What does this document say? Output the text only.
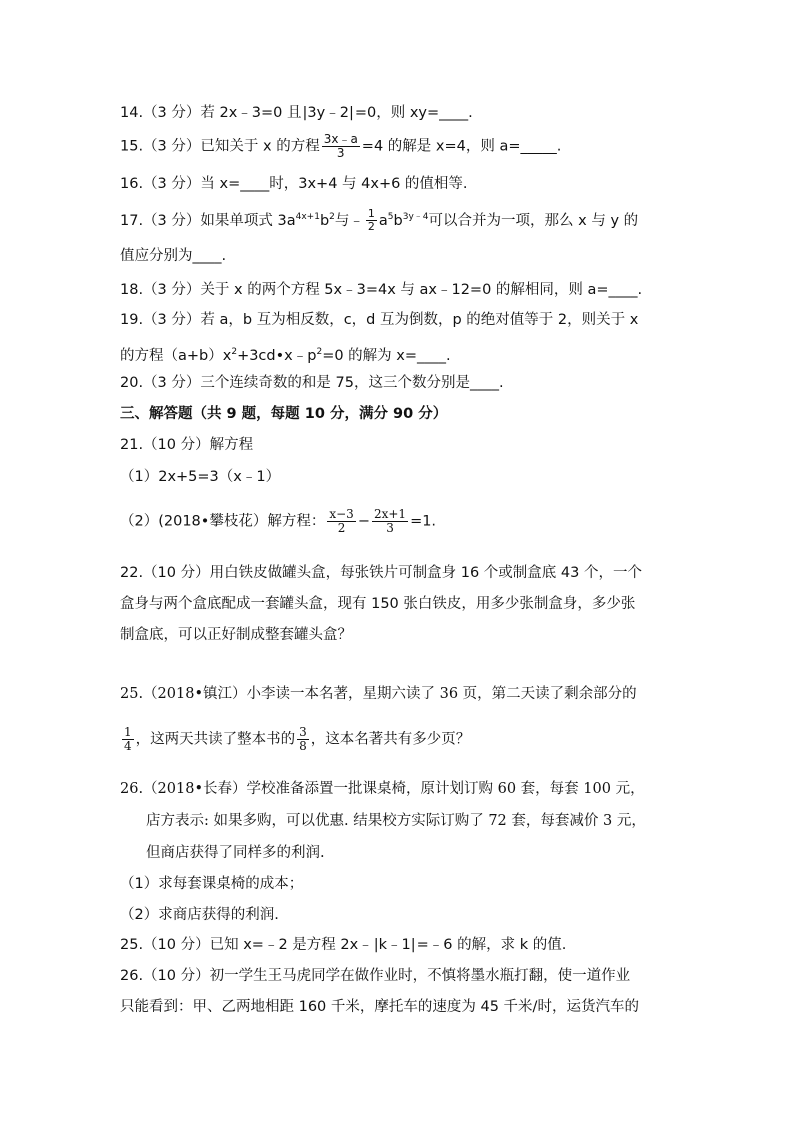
14.（3 分）若 2x﹣3=0 且|3y﹣2|=0，则 xy=____.
15.（3 分）已知关于 x 的方程 $\frac{3x﹣a}{3} =4$ 的解是 x=4，则 a=_____.
16.（3 分）当 x=____时，3x+4 与 4x+6 的值相等.
17.（3 分）如果单项式 $3a^{4x+1}b^2$与﹣ $\frac{1}{2} a^5b^{3y﹣4}$可以合并为一项，那么 x 与 y 的
值应分别为____.
18.（3 分）关于 x 的两个方程 5x﹣3=4x 与 ax﹣12=0 的解相同，则 a=____.
19.（3 分）若 a，b 互为相反数，c，d 互为倒数，p 的绝对值等于 2，则关于 x
的方程$(a+b)x^2+3cd•x﹣p^2=0$ 的解为 x=____.
20.（3 分）三个连续奇数的和是 75，这三个数分别是____.
三、解答题（共 9 题，每题 10 分，满分 90 分）
21.（10 分）解方程
（1）2x+5=3（x﹣1）
（2）(2018•攀枝花）解方程： $\frac{x-3}{2} - \frac{2x+1}{3} =1$.
22.（10 分）用白铁皮做罐头盒，每张铁片可制盒身 16 个或制盒底 43 个，一个
盒身与两个盒底配成一套罐头盒，现有 150 张白铁皮，用多少张制盒身，多少张
制盒底，可以正好制成整套罐头盒？
25.（2018•镇江）小李读一本名著，星期六读了 36 页，第二天读了剩余部分的
$\frac{1}{4}$ ，这两天共读了整本书的 $\frac{3}{8}$ ，这本名著共有多少页？
26.（2018•长春）学校准备添置一批课桌椅，原计划订购 60 套，每套 100 元，
店方表示: 如果多购，可以优惠. 结果校方实际订购了 72 套，每套减价 3 元，
但商店获得了同样多的利润.
（1）求每套课桌椅的成本；
（2）求商店获得的利润.
25.（10 分）已知 x=﹣2 是方程 2x﹣|k﹣1|=﹣6 的解，求 k 的值.
26.（10 分）初一学生王马虎同学在做作业时，不慎将墨水瓶打翻，使一道作业
只能看到：甲、乙两地相距 160 千米，摩托车的速度为 45 千米/时，运货汽车的
